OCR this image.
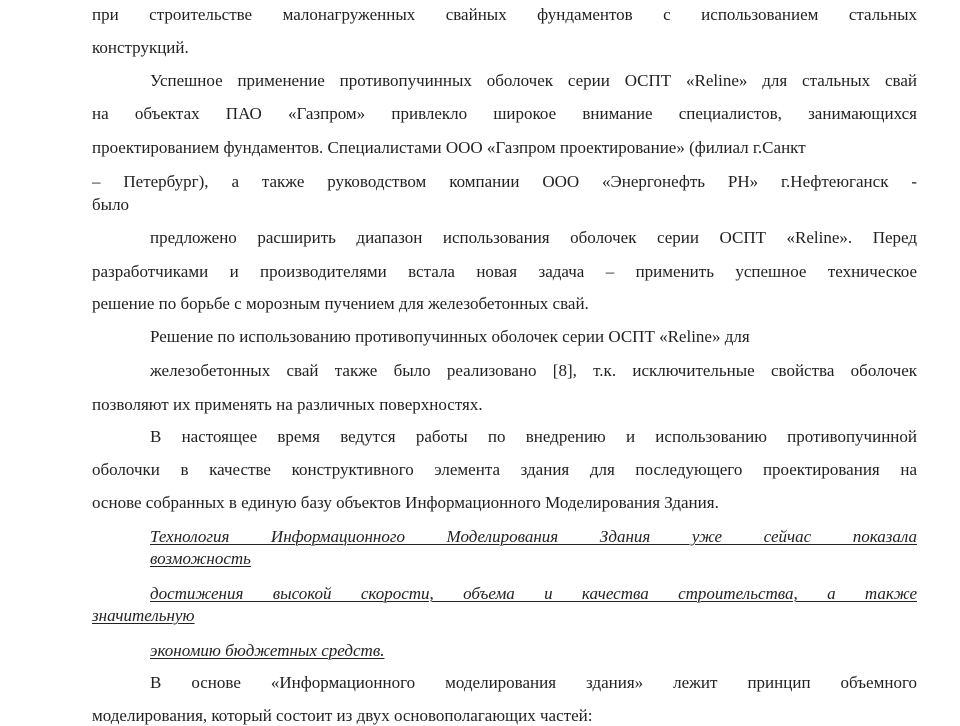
при строительстве малонагруженных свайных фундаментов с использованием стальных

конструкций.

Успешное применение противопучинных оболочек серии ОСПТ «Reline» для стальных свай

на объектах ПАО «Газпром» привлекло широкое внимание специалистов, занимающихся

проектированием фундаментов. Специалистами ООО «Газпром проектирование» (филиал г.Санкт

– Петербург), а также руководством компании ООО «Энергонефть РН» г.Нефтеюганск -

было

предложено расширить диапазон использования оболочек серии ОСПТ «Reline». Перед

разработчиками и производителями встала новая задача – применить успешное техническое

решение по борьбе с морозным пучением для железобетонных свай.

Решение по использованию противопучинных оболочек серии ОСПТ «Reline» для

железобетонных свай также было реализовано [8], т.к. исключительные свойства оболочек

позволяют их применять на различных поверхностях.

В настоящее время ведутся работы по внедрению и использованию противопучинной

оболочки в качестве конструктивного элемента здания для последующего проектирования на

основе собранных в единую базу объектов Информационного Моделирования Здания.

Технология Информационного Моделирования Здания уже сейчас показала

возможность

достижения высокой скорости, объема и качества строительства, а также

значительную

экономию бюджетных средств.

В основе «Информационного моделирования здания» лежит принцип объемного

моделирования, который состоит из двух основополагающих частей:
